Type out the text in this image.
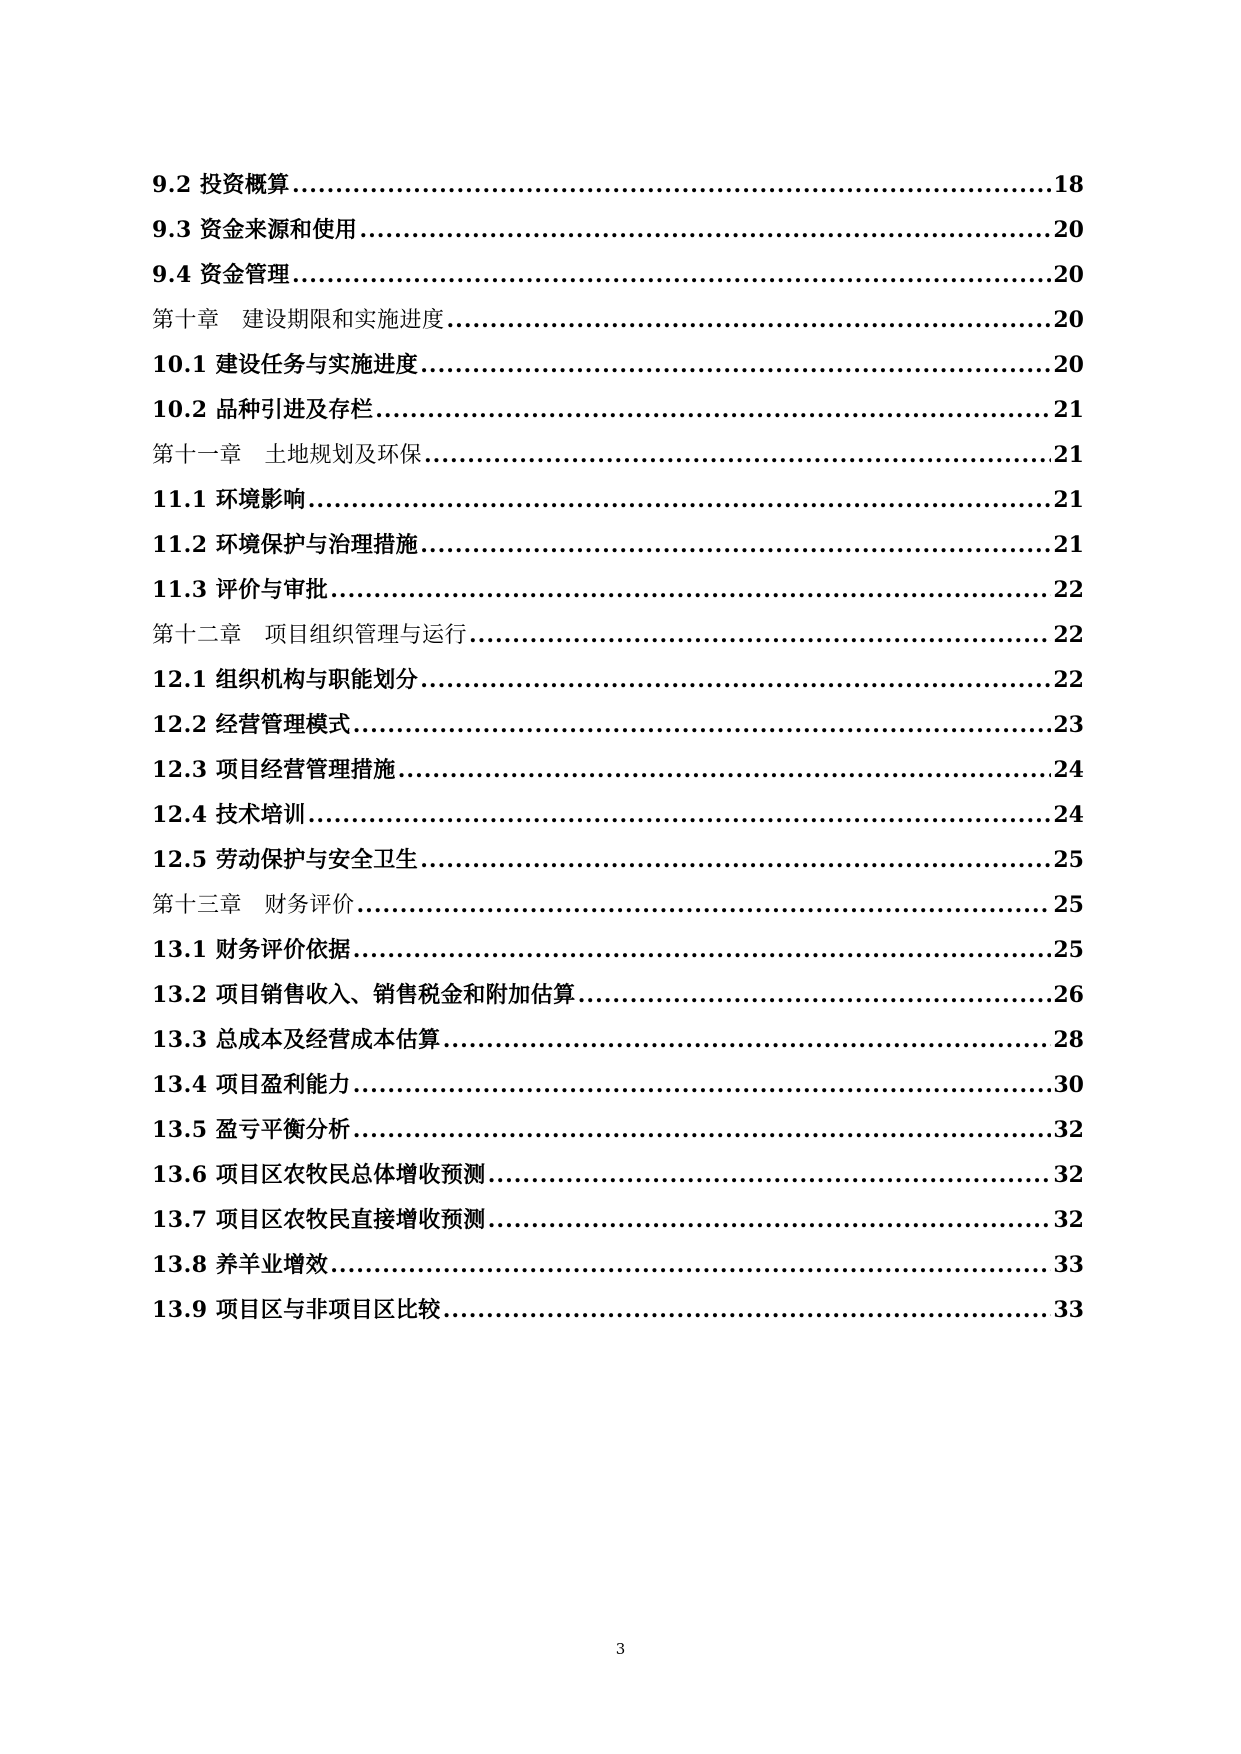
9.2 投资概算 .....	18
9.3 资金来源和使用 .....	20
9.4 资金管理 .....	20
第十章　建设期限和实施进度 .....	20
10.1 建设任务与实施进度 .....	20
10.2 品种引进及存栏 .....	21
第十一章　土地规划及环保 .....	21
11.1 环境影响 .....	21
11.2 环境保护与治理措施 .....	21
11.3 评价与审批 .....	22
第十二章　项目组织管理与运行 .....	22
12.1 组织机构与职能划分 .....	22
12.2 经营管理模式 .....	23
12.3 项目经营管理措施 .....	24
12.4 技术培训 .....	24
12.5 劳动保护与安全卫生 .....	25
第十三章　财务评价 .....	25
13.1 财务评价依据 .....	25
13.2 项目销售收入、销售税金和附加估算 .....	26
13.3 总成本及经营成本估算 .....	28
13.4 项目盈利能力 .....	30
13.5 盈亏平衡分析 .....	32
13.6 项目区农牧民总体增收预测 .....	32
13.7 项目区农牧民直接增收预测 .....	32
13.8 养羊业增效 .....	33
13.9 项目区与非项目区比较 .....	33
3
